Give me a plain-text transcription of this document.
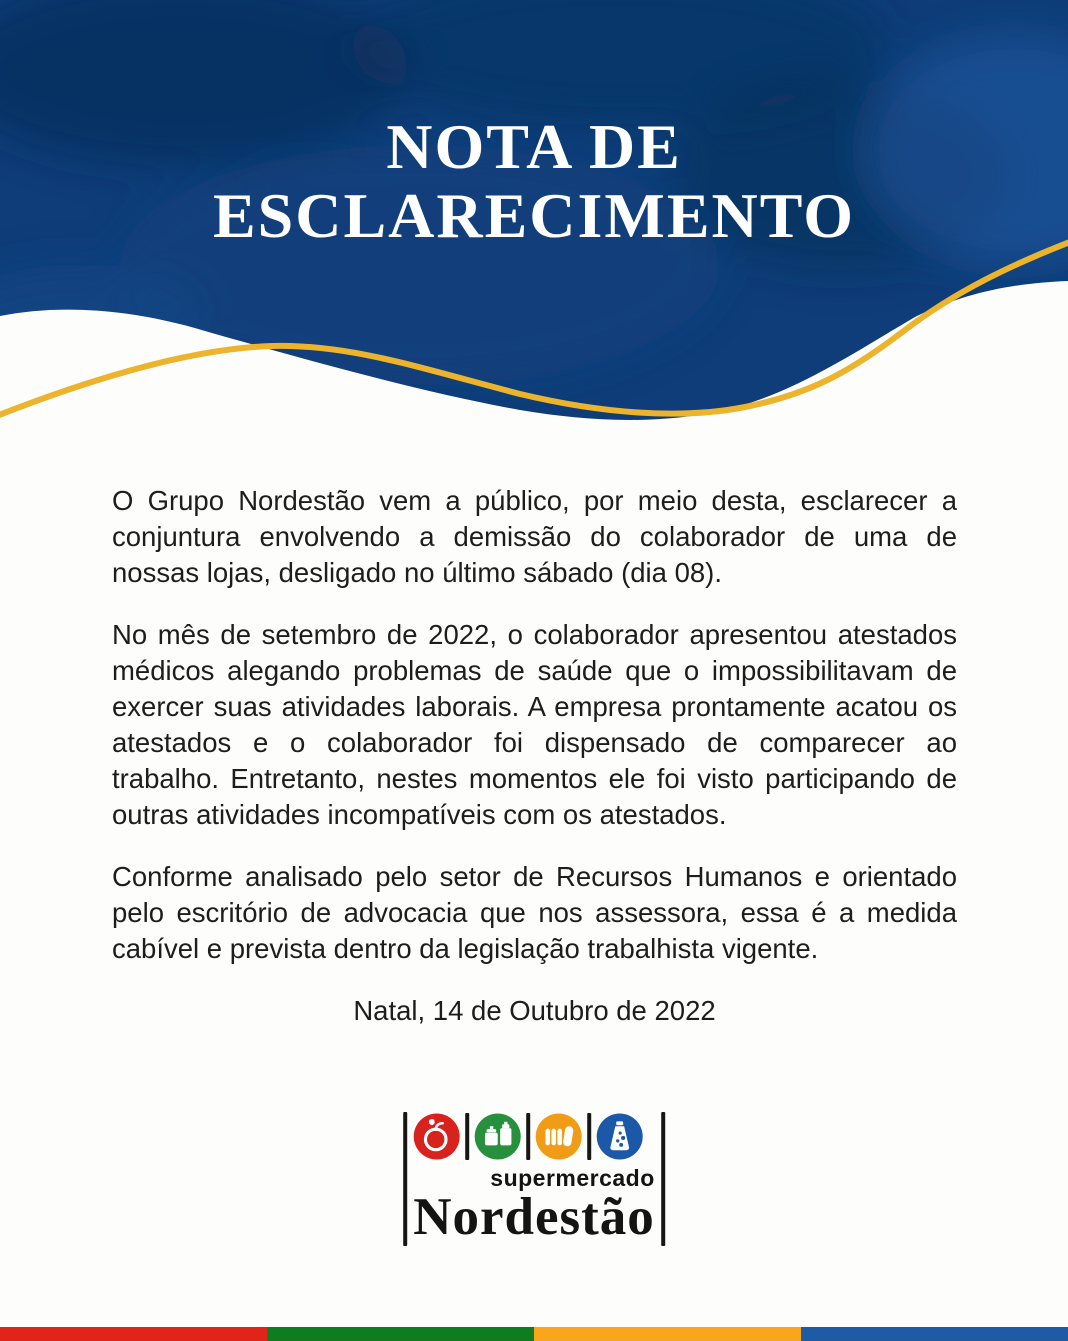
NOTA DE
ESCLARECIMENTO

O Grupo Nordestão vem a público, por meio desta, esclarecer a conjuntura envolvendo a demissão do colaborador de uma de nossas lojas, desligado no último sábado (dia 08).

No mês de setembro de 2022, o colaborador apresentou atestados médicos alegando problemas de saúde que o impossibilitavam de exercer suas atividades laborais. A empresa prontamente acatou os atestados e o colaborador foi dispensado de comparecer ao trabalho. Entretanto, nestes momentos ele foi visto participando de outras atividades incompatíveis com os atestados.

Conforme analisado pelo setor de Recursos Humanos e orientado pelo escritório de advocacia que nos assessora, essa é a medida cabível e prevista dentro da legislação trabalhista vigente.

Natal, 14 de Outubro de 2022

supermercado
Nordestão
